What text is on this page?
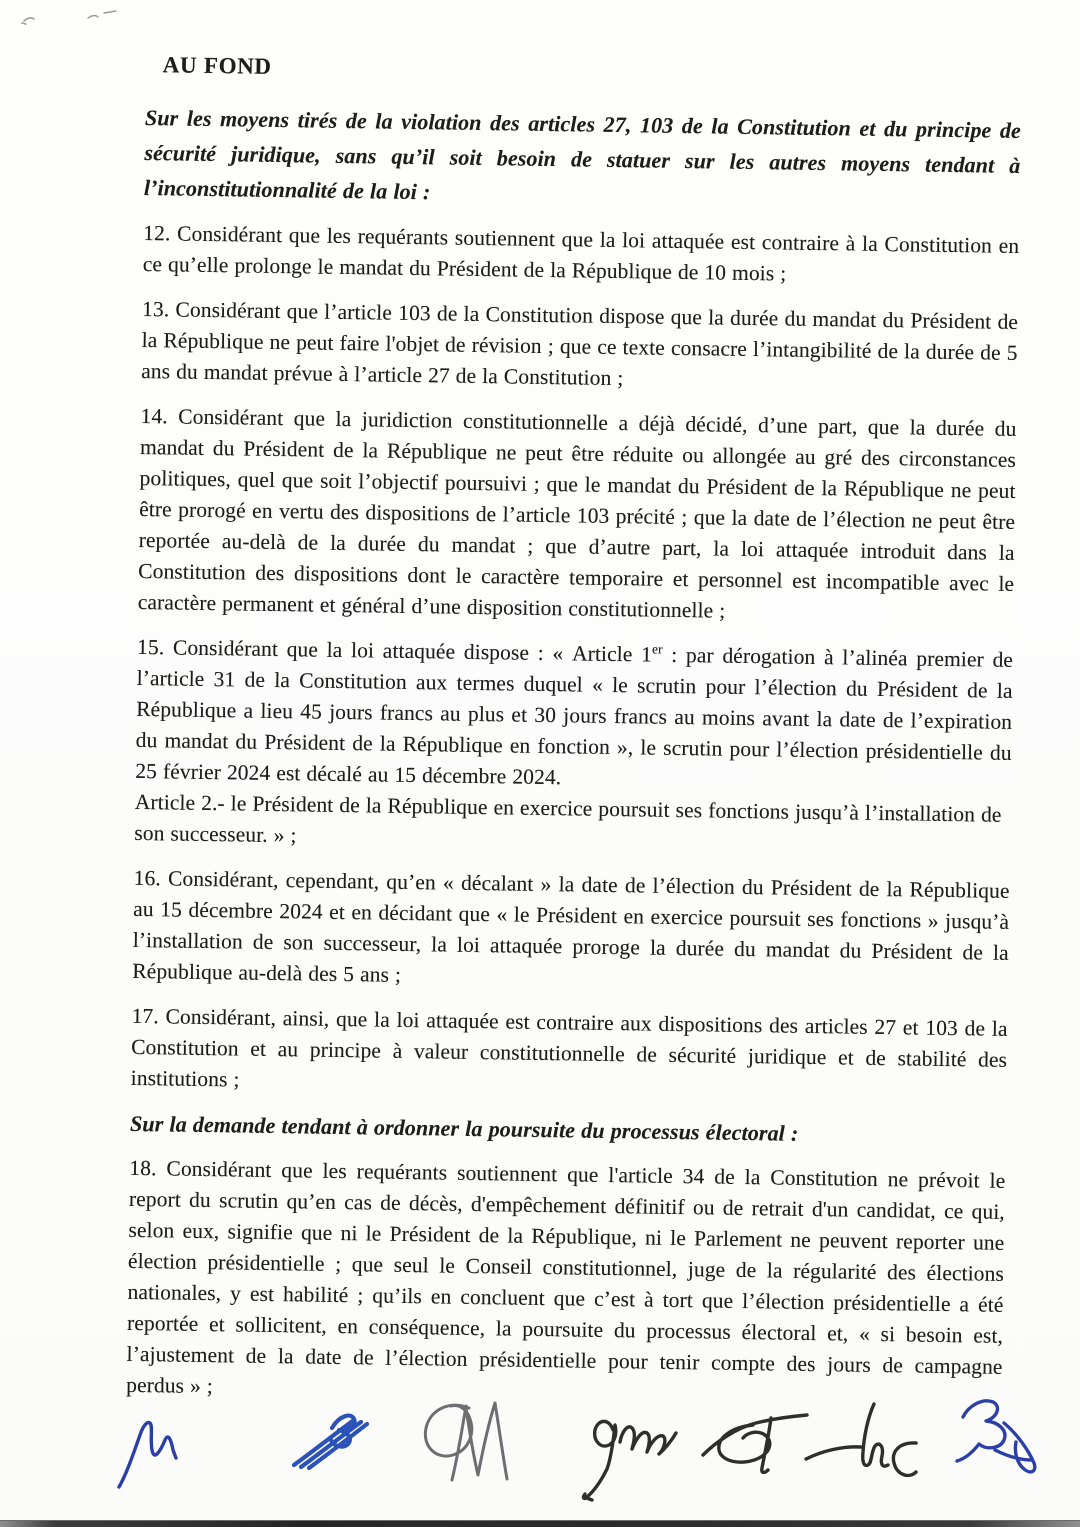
AU FOND

Sur les moyens tirés de la violation des articles 27, 103 de la Constitution et du principe de sécurité juridique, sans qu’il soit besoin de statuer sur les autres moyens tendant à l’inconstitutionnalité de la loi :

12. Considérant que les requérants soutiennent que la loi attaquée est contraire à la Constitution en ce qu’elle prolonge le mandat du Président de la République de 10 mois ;

13. Considérant que l’article 103 de la Constitution dispose que la durée du mandat du Président de la République ne peut faire l'objet de révision ; que ce texte consacre l’intangibilité de la durée de 5 ans du mandat prévue à l’article 27 de la Constitution ;

14. Considérant que la juridiction constitutionnelle a déjà décidé, d’une part, que la durée du mandat du Président de la République ne peut être réduite ou allongée au gré des circonstances politiques, quel que soit l’objectif poursuivi ; que le mandat du Président de la République ne peut être prorogé en vertu des dispositions de l’article 103 précité ; que la date de l’élection ne peut être reportée au-delà de la durée du mandat ; que d’autre part, la loi attaquée introduit dans la Constitution des dispositions dont le caractère temporaire et personnel est incompatible avec le caractère permanent et général d’une disposition constitutionnelle ;

15. Considérant que la loi attaquée dispose : « Article 1er : par dérogation à l’alinéa premier de l’article 31 de la Constitution aux termes duquel « le scrutin pour l’élection du Président de la République a lieu 45 jours francs au plus et 30 jours francs au moins avant la date de l’expiration du mandat du Président de la République en fonction », le scrutin pour l’élection présidentielle du 25 février 2024 est décalé au 15 décembre 2024.

Article 2.- le Président de la République en exercice poursuit ses fonctions jusqu’à l’installation de son successeur. » ;

16. Considérant, cependant, qu’en « décalant » la date de l’élection du Président de la République au 15 décembre 2024 et en décidant que « le Président en exercice poursuit ses fonctions » jusqu’à l’installation de son successeur, la loi attaquée proroge la durée du mandat du Président de la République au-delà des 5 ans ;

17. Considérant, ainsi, que la loi attaquée est contraire aux dispositions des articles 27 et 103 de la Constitution et au principe à valeur constitutionnelle de sécurité juridique et de stabilité des institutions ;

Sur la demande tendant à ordonner la poursuite du processus électoral :

18. Considérant que les requérants soutiennent que l'article 34 de la Constitution ne prévoit le report du scrutin qu’en cas de décès, d'empêchement définitif ou de retrait d'un candidat, ce qui, selon eux, signifie que ni le Président de la République, ni le Parlement ne peuvent reporter une élection présidentielle ; que seul le Conseil constitutionnel, juge de la régularité des élections nationales, y est habilité ; qu’ils en concluent que c’est à tort que l’élection présidentielle a été reportée et sollicitent, en conséquence, la poursuite du processus électoral et, « si besoin est, l’ajustement de la date de l’élection présidentielle pour tenir compte des jours de campagne perdus » ;
